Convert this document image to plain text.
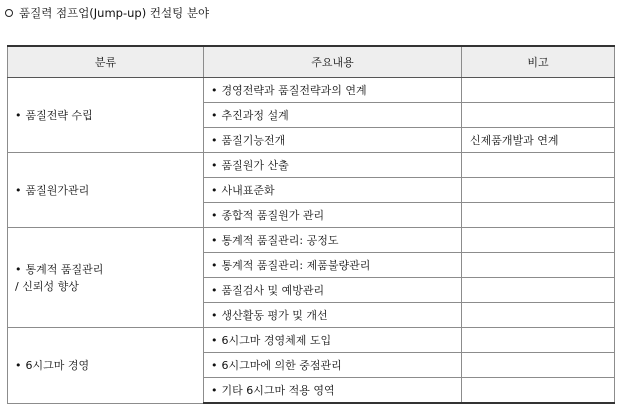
품질력 점프업(Jump-up) 컨설팅 분야
분류	주요내용	비고
• 품질전략 수립	• 경영전략과 품질전략과의 연계	
	• 추진과정 설계	
	• 품질기능전개	신제품개발과 연계
• 품질원가관리	• 품질원가 산출	
	• 사내표준화	
	• 종합적 품질원가 관리	
• 통계적 품질관리
/ 신뢰성 향상	• 통계적 품질관리: 공정도	
	• 통계적 품질관리: 제품불량관리	
	• 품질검사 및 예방관리	
	• 생산활동 평가 및 개선	
• 6시그마 경영	• 6시그마 경영체제 도입	
	• 6시그마에 의한 중점관리	
	• 기타 6시그마 적용 영역	
